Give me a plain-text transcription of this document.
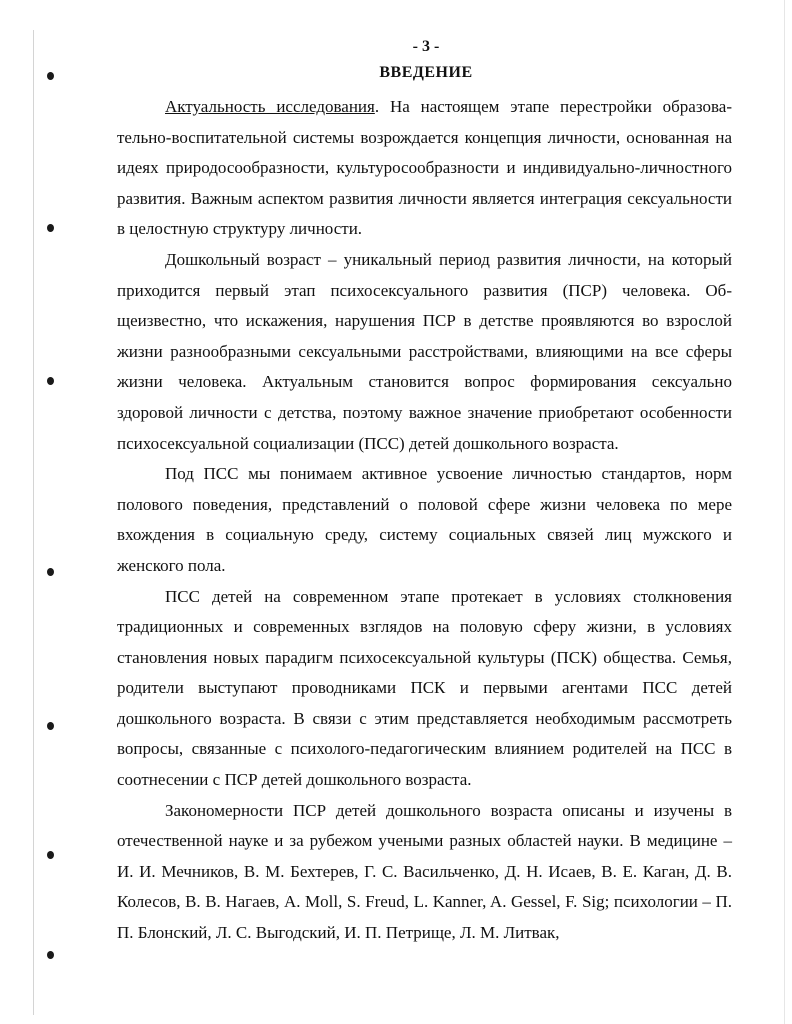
- 3 -
ВВЕДЕНИЕ

Актуальность исследования. На настоящем этапе перестройки образовательно-воспитательной системы возрождается концепция личности, основанная на идеях природосообразности, культуросообразности и индивидуально-личностного развития. Важным аспектом развития личности является интеграция сексуальности в целостную структуру личности.

Дошкольный возраст – уникальный период развития личности, на который приходится первый этап психосексуального развития (ПСР) человека. Общеизвестно, что искажения, нарушения ПСР в детстве проявляются во взрослой жизни разнообразными сексуальными расстройствами, влияющими на все сферы жизни человека. Актуальным становится вопрос формирования сексуально здоровой личности с детства, поэтому важное значение приобретают особенности психосексуальной социализации (ПСС) детей дошкольного возраста.

Под ПСС мы понимаем активное усвоение личностью стандартов, норм полового поведения, представлений о половой сфере жизни человека по мере вхождения в социальную среду, систему социальных связей лиц мужского и женского пола.

ПСС детей на современном этапе протекает в условиях столкновения традиционных и современных взглядов на половую сферу жизни, в условиях становления новых парадигм психосексуальной культуры (ПСК) общества. Семья, родители выступают проводниками ПСК и первыми агентами ПСС детей дошкольного возраста. В связи с этим представляется необходимым рассмотреть вопросы, связанные с психолого-педагогическим влиянием родителей на ПСС в соотнесении с ПСР детей дошкольного возраста.

Закономерности ПСР детей дошкольного возраста описаны и изучены в отечественной науке и за рубежом учеными разных областей науки. В медицине – И. И. Мечников, В. М. Бехтерев, Г. С. Васильченко, Д. Н. Исаев, В. Е. Каган, Д. В. Колесов, В. В. Нагаев, A. Moll, S. Freud, L. Kanner, A. Gessel, F. Sig; психологии – П. П. Блонский, Л. С. Выгодский, И. П. Петрище, Л. М. Литвак,
